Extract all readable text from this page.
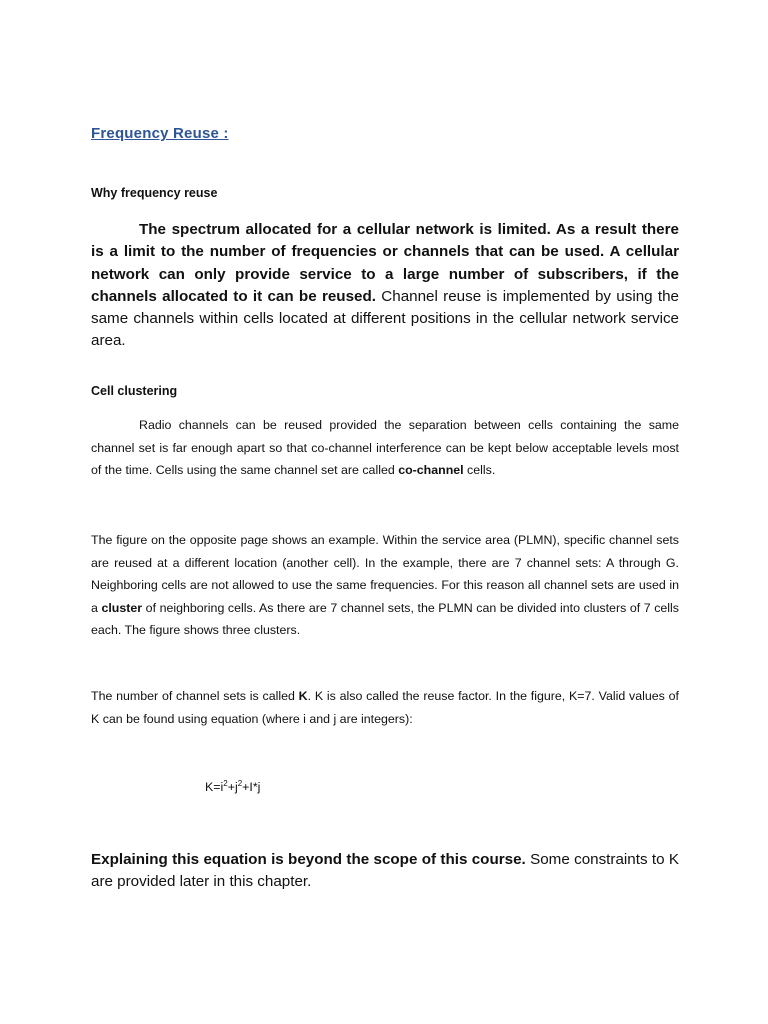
Frequency Reuse :
Why frequency reuse

The spectrum allocated for a cellular network is limited. As a result there is a limit to the number of frequencies or channels that can be used. A cellular network can only provide service to a large number of subscribers, if the channels allocated to it can be reused. Channel reuse is implemented by using the same channels within cells located at different positions in the cellular network service area.

Cell clustering

Radio channels can be reused provided the separation between cells containing the same channel set is far enough apart so that co-channel interference can be kept below acceptable levels most of the time. Cells using the same channel set are called co-channel cells.

The figure on the opposite page shows an example. Within the service area (PLMN), specific channel sets are reused at a different location (another cell). In the example, there are 7 channel sets: A through G. Neighboring cells are not allowed to use the same frequencies. For this reason all channel sets are used in a cluster of neighboring cells. As there are 7 channel sets, the PLMN can be divided into clusters of 7 cells each. The figure shows three clusters.

The number of channel sets is called K. K is also called the reuse factor. In the figure, K=7. Valid values of K can be found using equation (where i and j are integers):

$K=i^2+j^2+I*j$

Explaining this equation is beyond the scope of this course. Some constraints to K are provided later in this chapter.
